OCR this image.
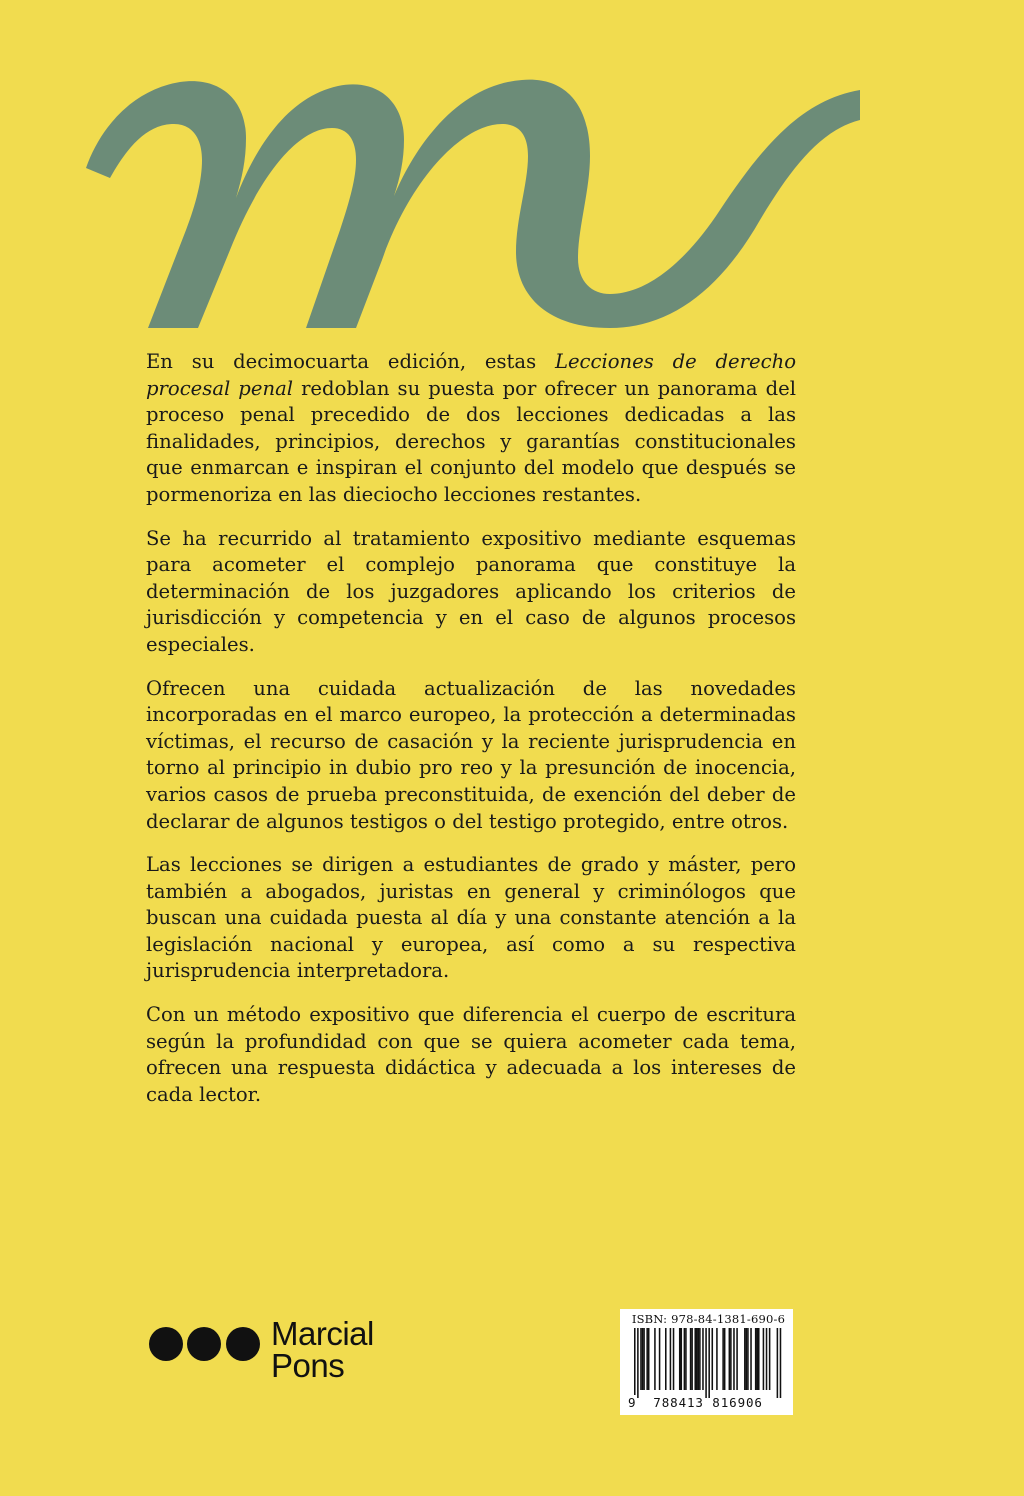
En su decimocuarta edición, estas Lecciones de derecho procesal penal redoblan su puesta por ofrecer un panorama del proceso penal precedido de dos lecciones dedicadas a las finalidades, principios, derechos y garantías constitucionales que enmarcan e inspiran el conjunto del modelo que después se pormenoriza en las dieciocho lecciones restantes.

Se ha recurrido al tratamiento expositivo mediante esquemas para acometer el complejo panorama que constituye la determinación de los juzgadores aplicando los criterios de jurisdicción y competencia y en el caso de algunos procesos especiales.

Ofrecen una cuidada actualización de las novedades incorporadas en el marco europeo, la protección a determinadas víctimas, el recurso de casación y la reciente jurisprudencia en torno al principio in dubio pro reo y la presunción de inocencia, varios casos de prueba preconstituida, de exención del deber de declarar de algunos testigos o del testigo protegido, entre otros.

Las lecciones se dirigen a estudiantes de grado y máster, pero también a abogados, juristas en general y criminólogos que buscan una cuidada puesta al día y una constante atención a la legislación nacional y europea, así como a su respectiva jurisprudencia interpretadora.

Con un método expositivo que diferencia el cuerpo de escritura según la profundidad con que se quiera acometer cada tema, ofrecen una respuesta didáctica y adecuada a los intereses de cada lector.

Marcial
Pons
ISBN: 978-84-1381-690-6
9 788413 816906
